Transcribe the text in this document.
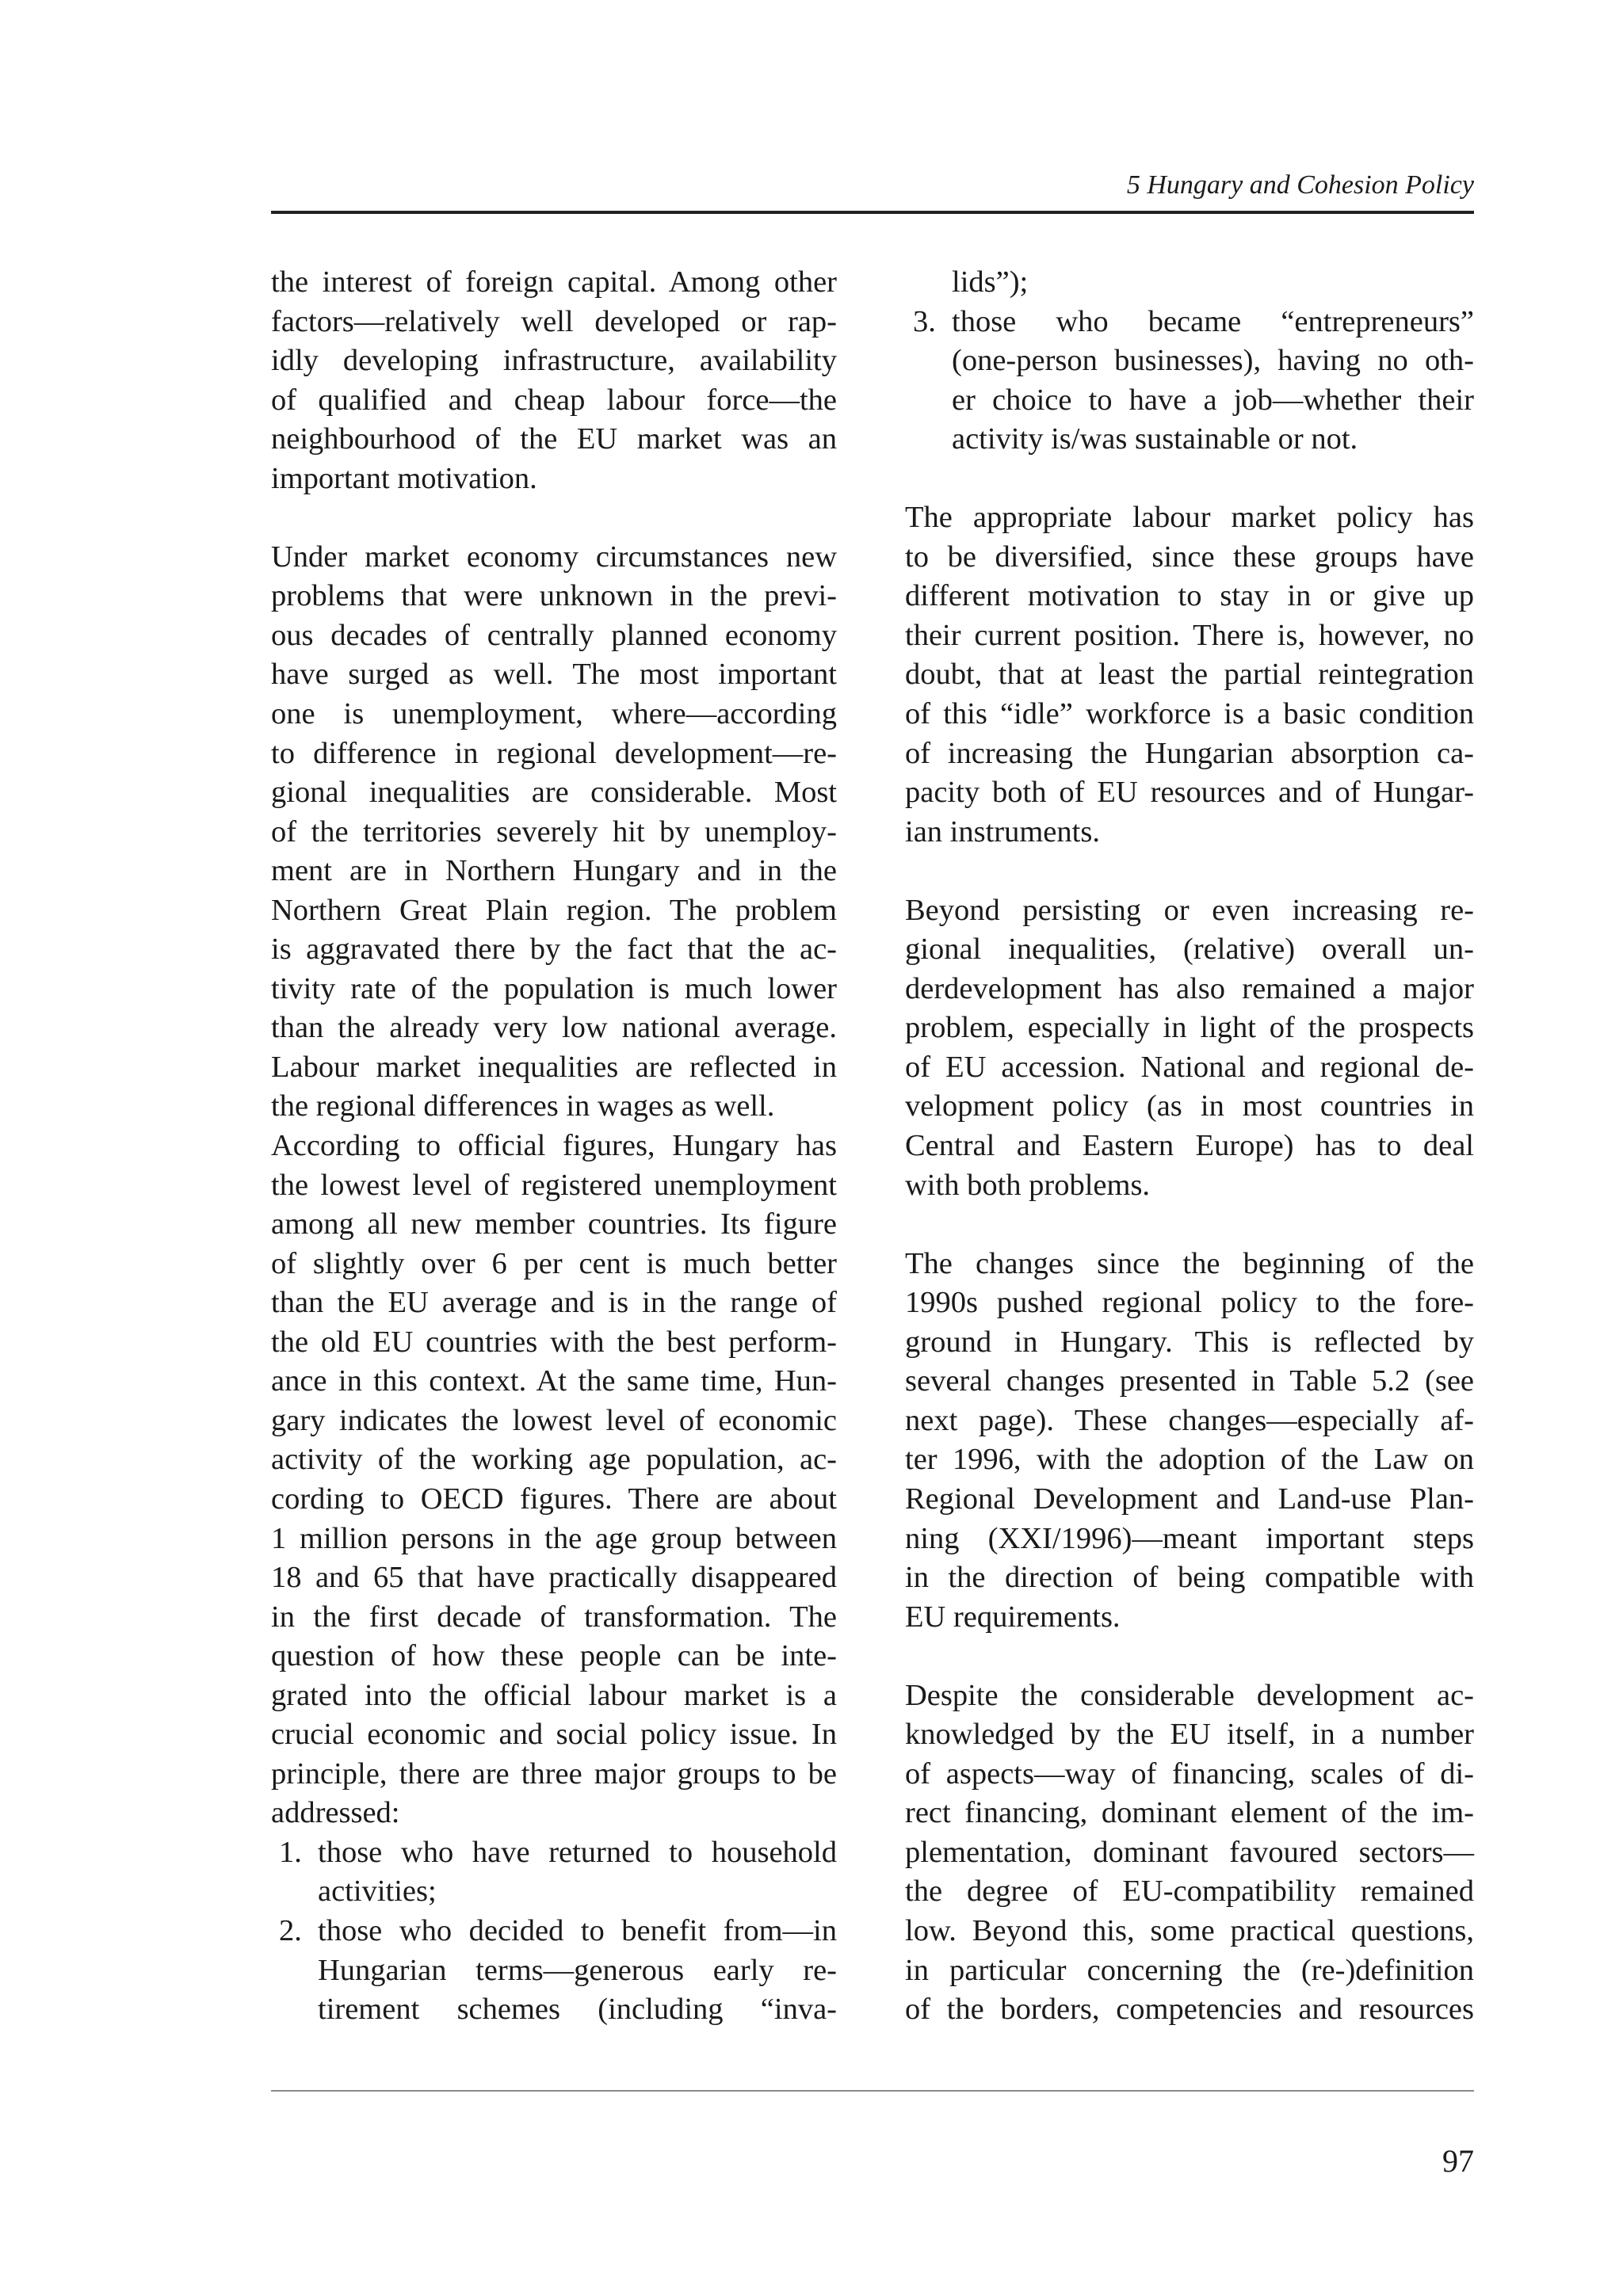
5 Hungary and Cohesion Policy
the interest of foreign capital. Among other
factors—relatively well developed or rap-
idly developing infrastructure, availability
of qualified and cheap labour force—the
neighbourhood of the EU market was an
important motivation.
Under market economy circumstances new
problems that were unknown in the previ-
ous decades of centrally planned economy
have surged as well. The most important
one is unemployment, where—according
to difference in regional development—re-
gional inequalities are considerable. Most
of the territories severely hit by unemploy-
ment are in Northern Hungary and in the
Northern Great Plain region. The problem
is aggravated there by the fact that the ac-
tivity rate of the population is much lower
than the already very low national average.
Labour market inequalities are reflected in
the regional differences in wages as well.
According to official figures, Hungary has
the lowest level of registered unemployment
among all new member countries. Its figure
of slightly over 6 per cent is much better
than the EU average and is in the range of
the old EU countries with the best perform-
ance in this context. At the same time, Hun-
gary indicates the lowest level of economic
activity of the working age population, ac-
cording to OECD figures. There are about
1 million persons in the age group between
18 and 65 that have practically disappeared
in the first decade of transformation. The
question of how these people can be inte-
grated into the official labour market is a
crucial economic and social policy issue. In
principle, there are three major groups to be
addressed:
1. those who have returned to household
activities;
2. those who decided to benefit from—in
Hungarian terms—generous early re-
tirement schemes (including “inva-
lids”);
3. those who became “entrepreneurs”
(one-person businesses), having no oth-
er choice to have a job—whether their
activity is/was sustainable or not.
The appropriate labour market policy has
to be diversified, since these groups have
different motivation to stay in or give up
their current position. There is, however, no
doubt, that at least the partial reintegration
of this “idle” workforce is a basic condition
of increasing the Hungarian absorption ca-
pacity both of EU resources and of Hungar-
ian instruments.
Beyond persisting or even increasing re-
gional inequalities, (relative) overall un-
derdevelopment has also remained a major
problem, especially in light of the prospects
of EU accession. National and regional de-
velopment policy (as in most countries in
Central and Eastern Europe) has to deal
with both problems.
The changes since the beginning of the
1990s pushed regional policy to the fore-
ground in Hungary. This is reflected by
several changes presented in Table 5.2 (see
next page). These changes—especially af-
ter 1996, with the adoption of the Law on
Regional Development and Land-use Plan-
ning (XXI/1996)—meant important steps
in the direction of being compatible with
EU requirements.
Despite the considerable development ac-
knowledged by the EU itself, in a number
of aspects—way of financing, scales of di-
rect financing, dominant element of the im-
plementation, dominant favoured sectors—
the degree of EU-compatibility remained
low. Beyond this, some practical questions,
in particular concerning the (re-)definition
of the borders, competencies and resources
97
